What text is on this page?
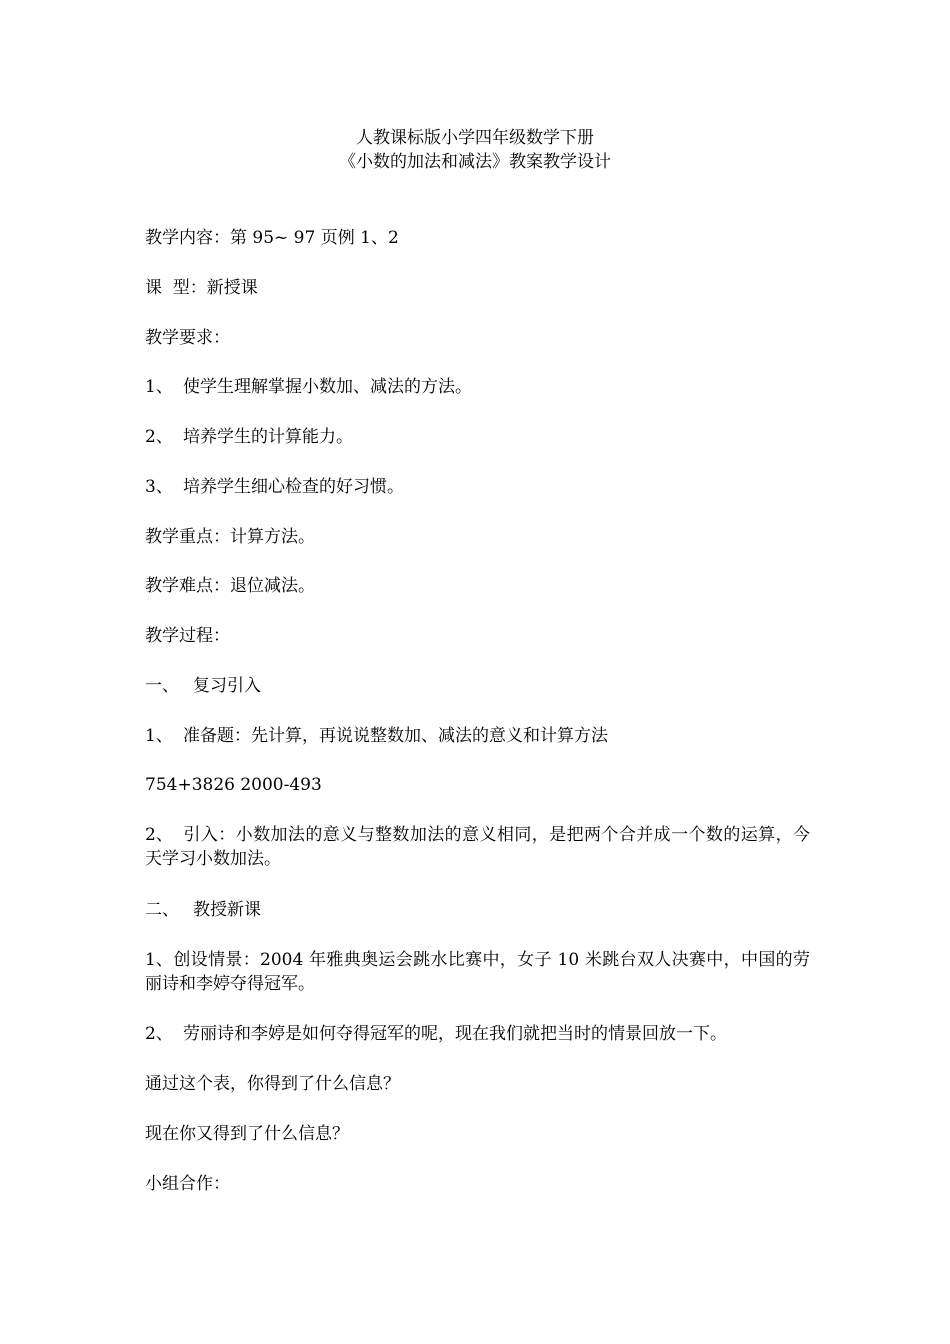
人教课标版小学四年级数学下册
《小数的加法和减法》教案教学设计
教学内容：第 95~ 97 页例 1、2
课  型：新授课
教学要求：
1、 使学生理解掌握小数加、减法的方法。
2、 培养学生的计算能力。
3、 培养学生细心检查的好习惯。
教学重点：计算方法。
教学难点：退位减法。
教学过程：
一、 复习引入
1、 准备题：先计算，再说说整数加、减法的意义和计算方法
754+3826 2000-493
2、 引入：小数加法的意义与整数加法的意义相同，是把两个合并成一个数的运算，今天学习小数加法。
二、 教授新课
1、创设情景：2004 年雅典奥运会跳水比赛中，女子 10 米跳台双人决赛中，中国的劳丽诗和李婷夺得冠军。
2、 劳丽诗和李婷是如何夺得冠军的呢，现在我们就把当时的情景回放一下。
通过这个表，你得到了什么信息？
现在你又得到了什么信息？
小组合作：
